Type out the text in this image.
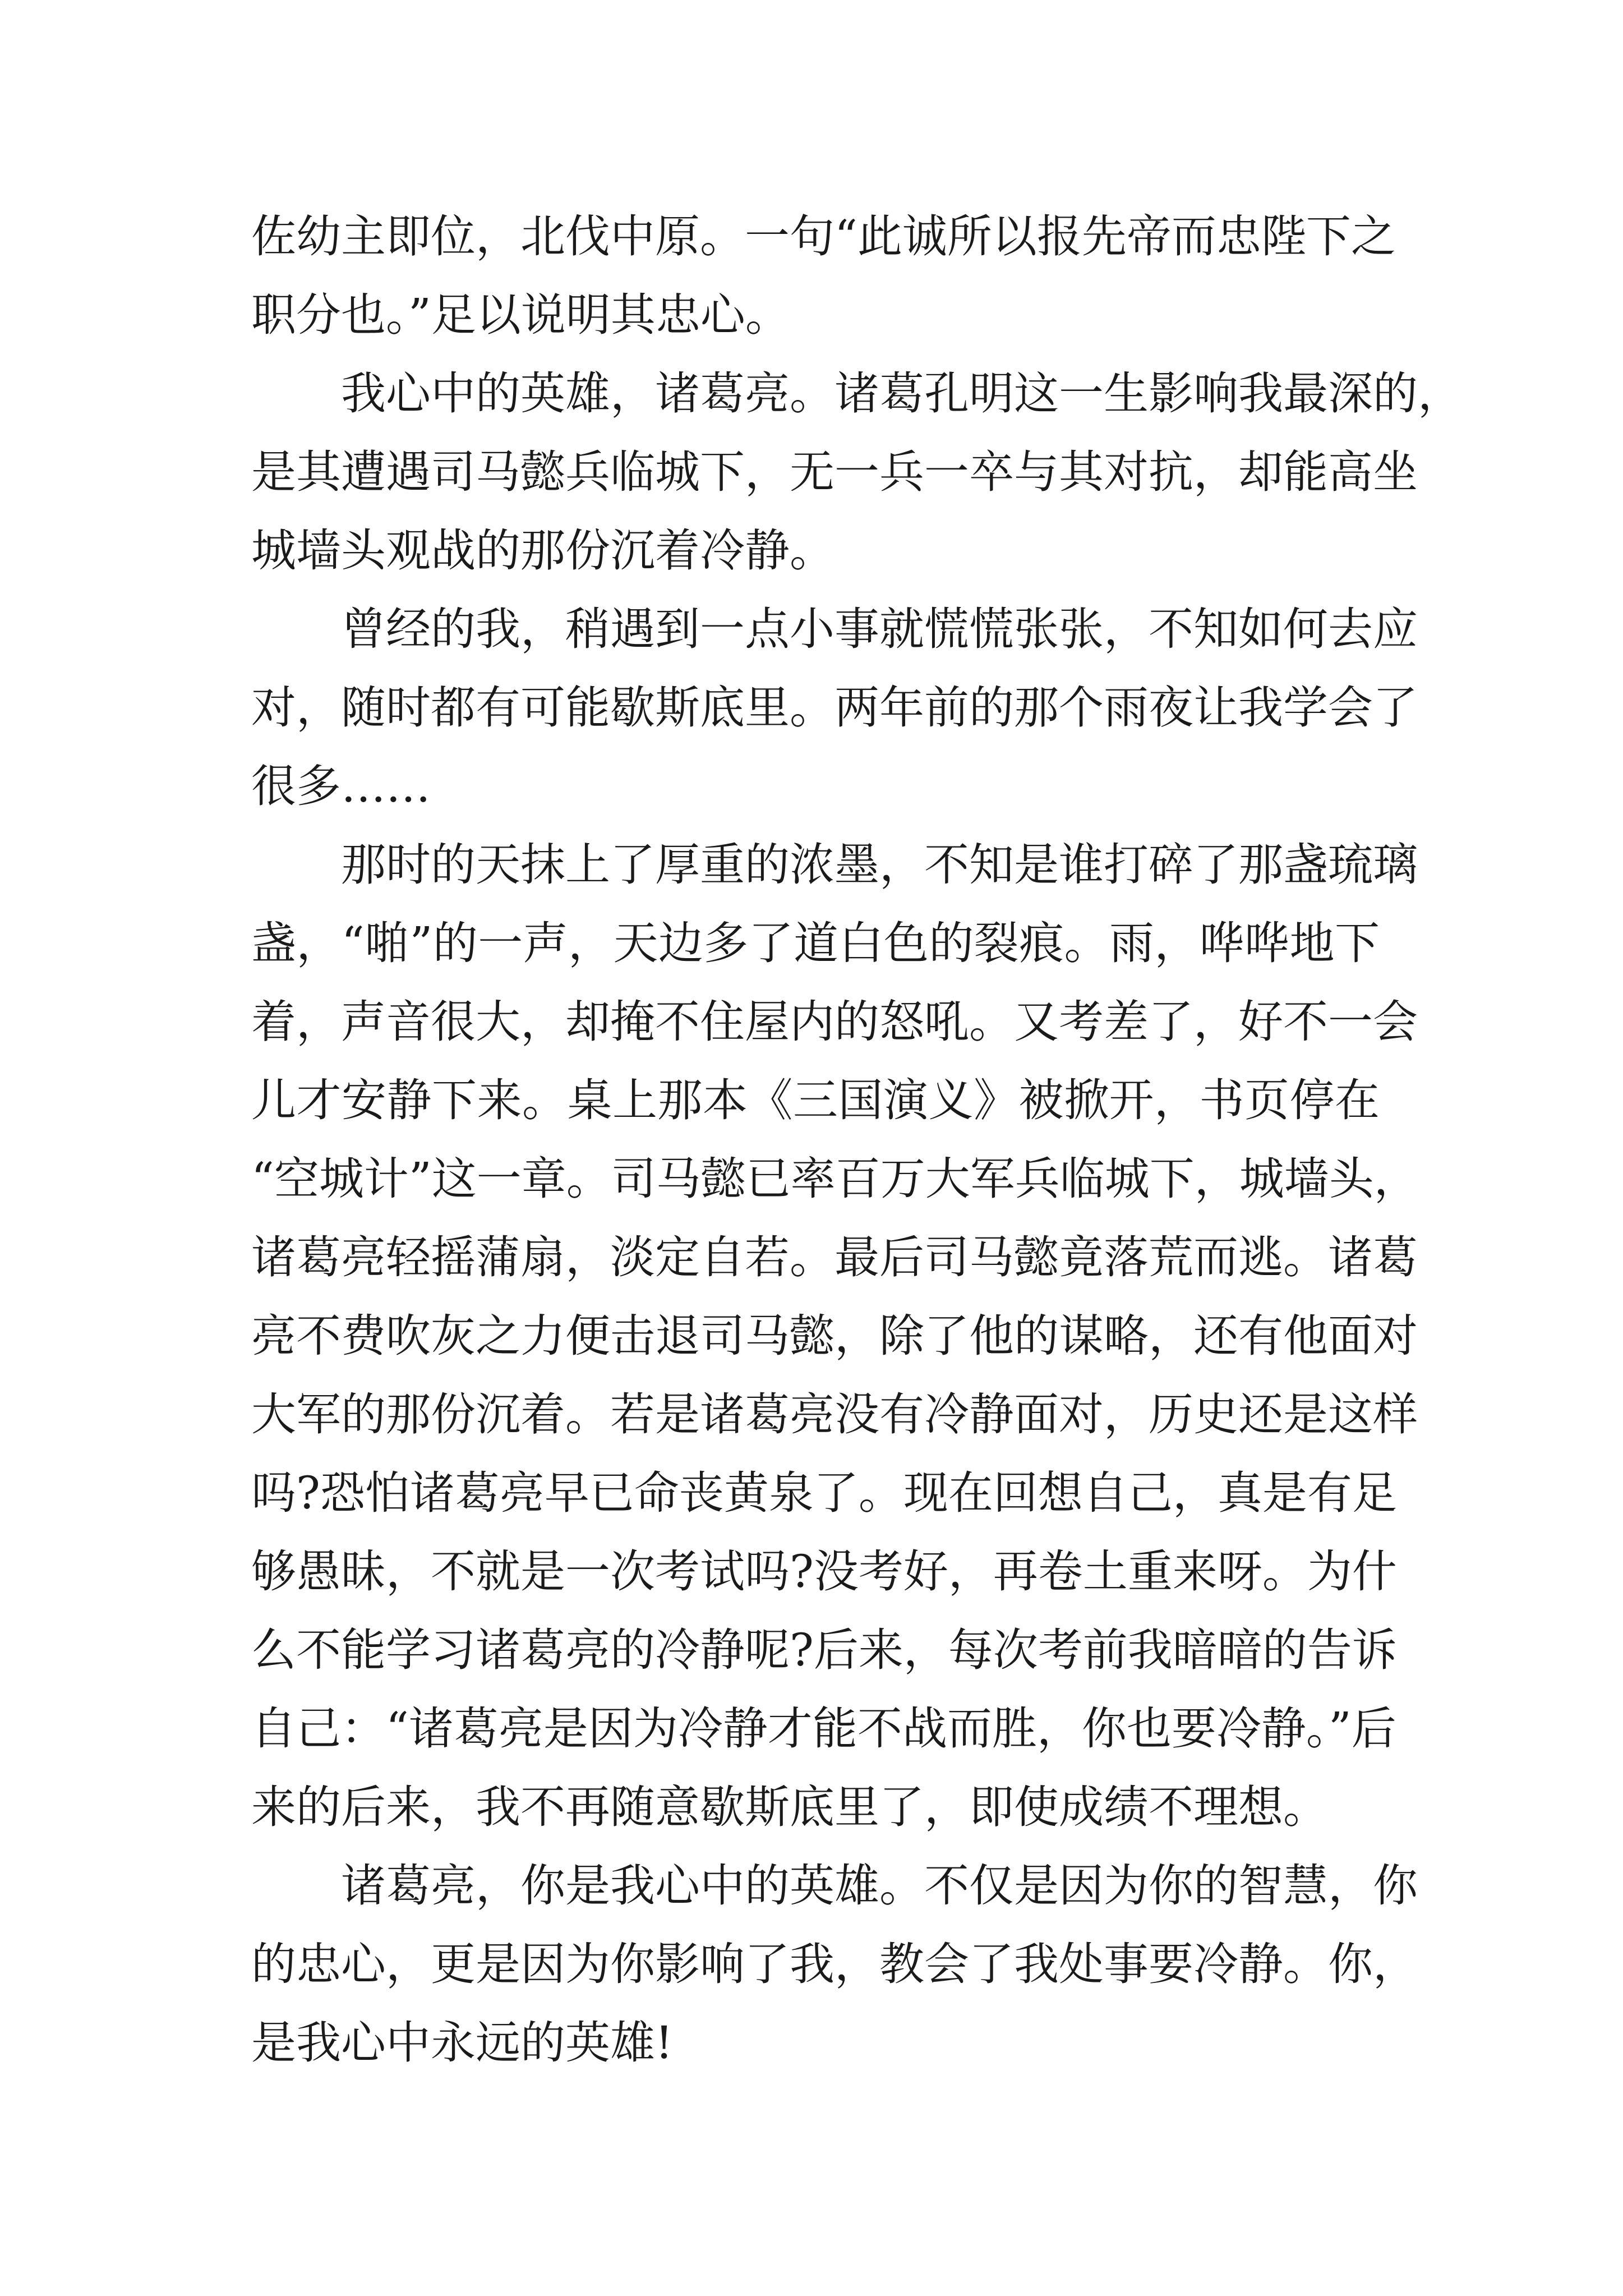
佐幼主即位，北伐中原。一句“此诚所以报先帝而忠陛下之
职分也。”足以说明其忠心。
我心中的英雄，诸葛亮。诸葛孔明这一生影响我最深的，
是其遭遇司马懿兵临城下，无一兵一卒与其对抗，却能高坐
城墙头观战的那份沉着冷静。
曾经的我，稍遇到一点小事就慌慌张张，不知如何去应
对，随时都有可能歇斯底里。两年前的那个雨夜让我学会了
很多……
那时的天抹上了厚重的浓墨，不知是谁打碎了那盏琉璃
盏，“啪”的一声，天边多了道白色的裂痕。雨，哗哗地下
着，声音很大，却掩不住屋内的怒吼。又考差了，好不一会
儿才安静下来。桌上那本《三国演义》被掀开，书页停在
“空城计”这一章。司马懿已率百万大军兵临城下，城墙头，
诸葛亮轻摇蒲扇，淡定自若。最后司马懿竟落荒而逃。诸葛
亮不费吹灰之力便击退司马懿，除了他的谋略，还有他面对
大军的那份沉着。若是诸葛亮没有冷静面对，历史还是这样
吗?恐怕诸葛亮早已命丧黄泉了。现在回想自己，真是有足
够愚昧，不就是一次考试吗?没考好，再卷土重来呀。为什
么不能学习诸葛亮的冷静呢?后来，每次考前我暗暗的告诉
自己：“诸葛亮是因为冷静才能不战而胜，你也要冷静。”后
来的后来，我不再随意歇斯底里了，即使成绩不理想。
诸葛亮，你是我心中的英雄。不仅是因为你的智慧，你
的忠心，更是因为你影响了我，教会了我处事要冷静。你，
是我心中永远的英雄!
